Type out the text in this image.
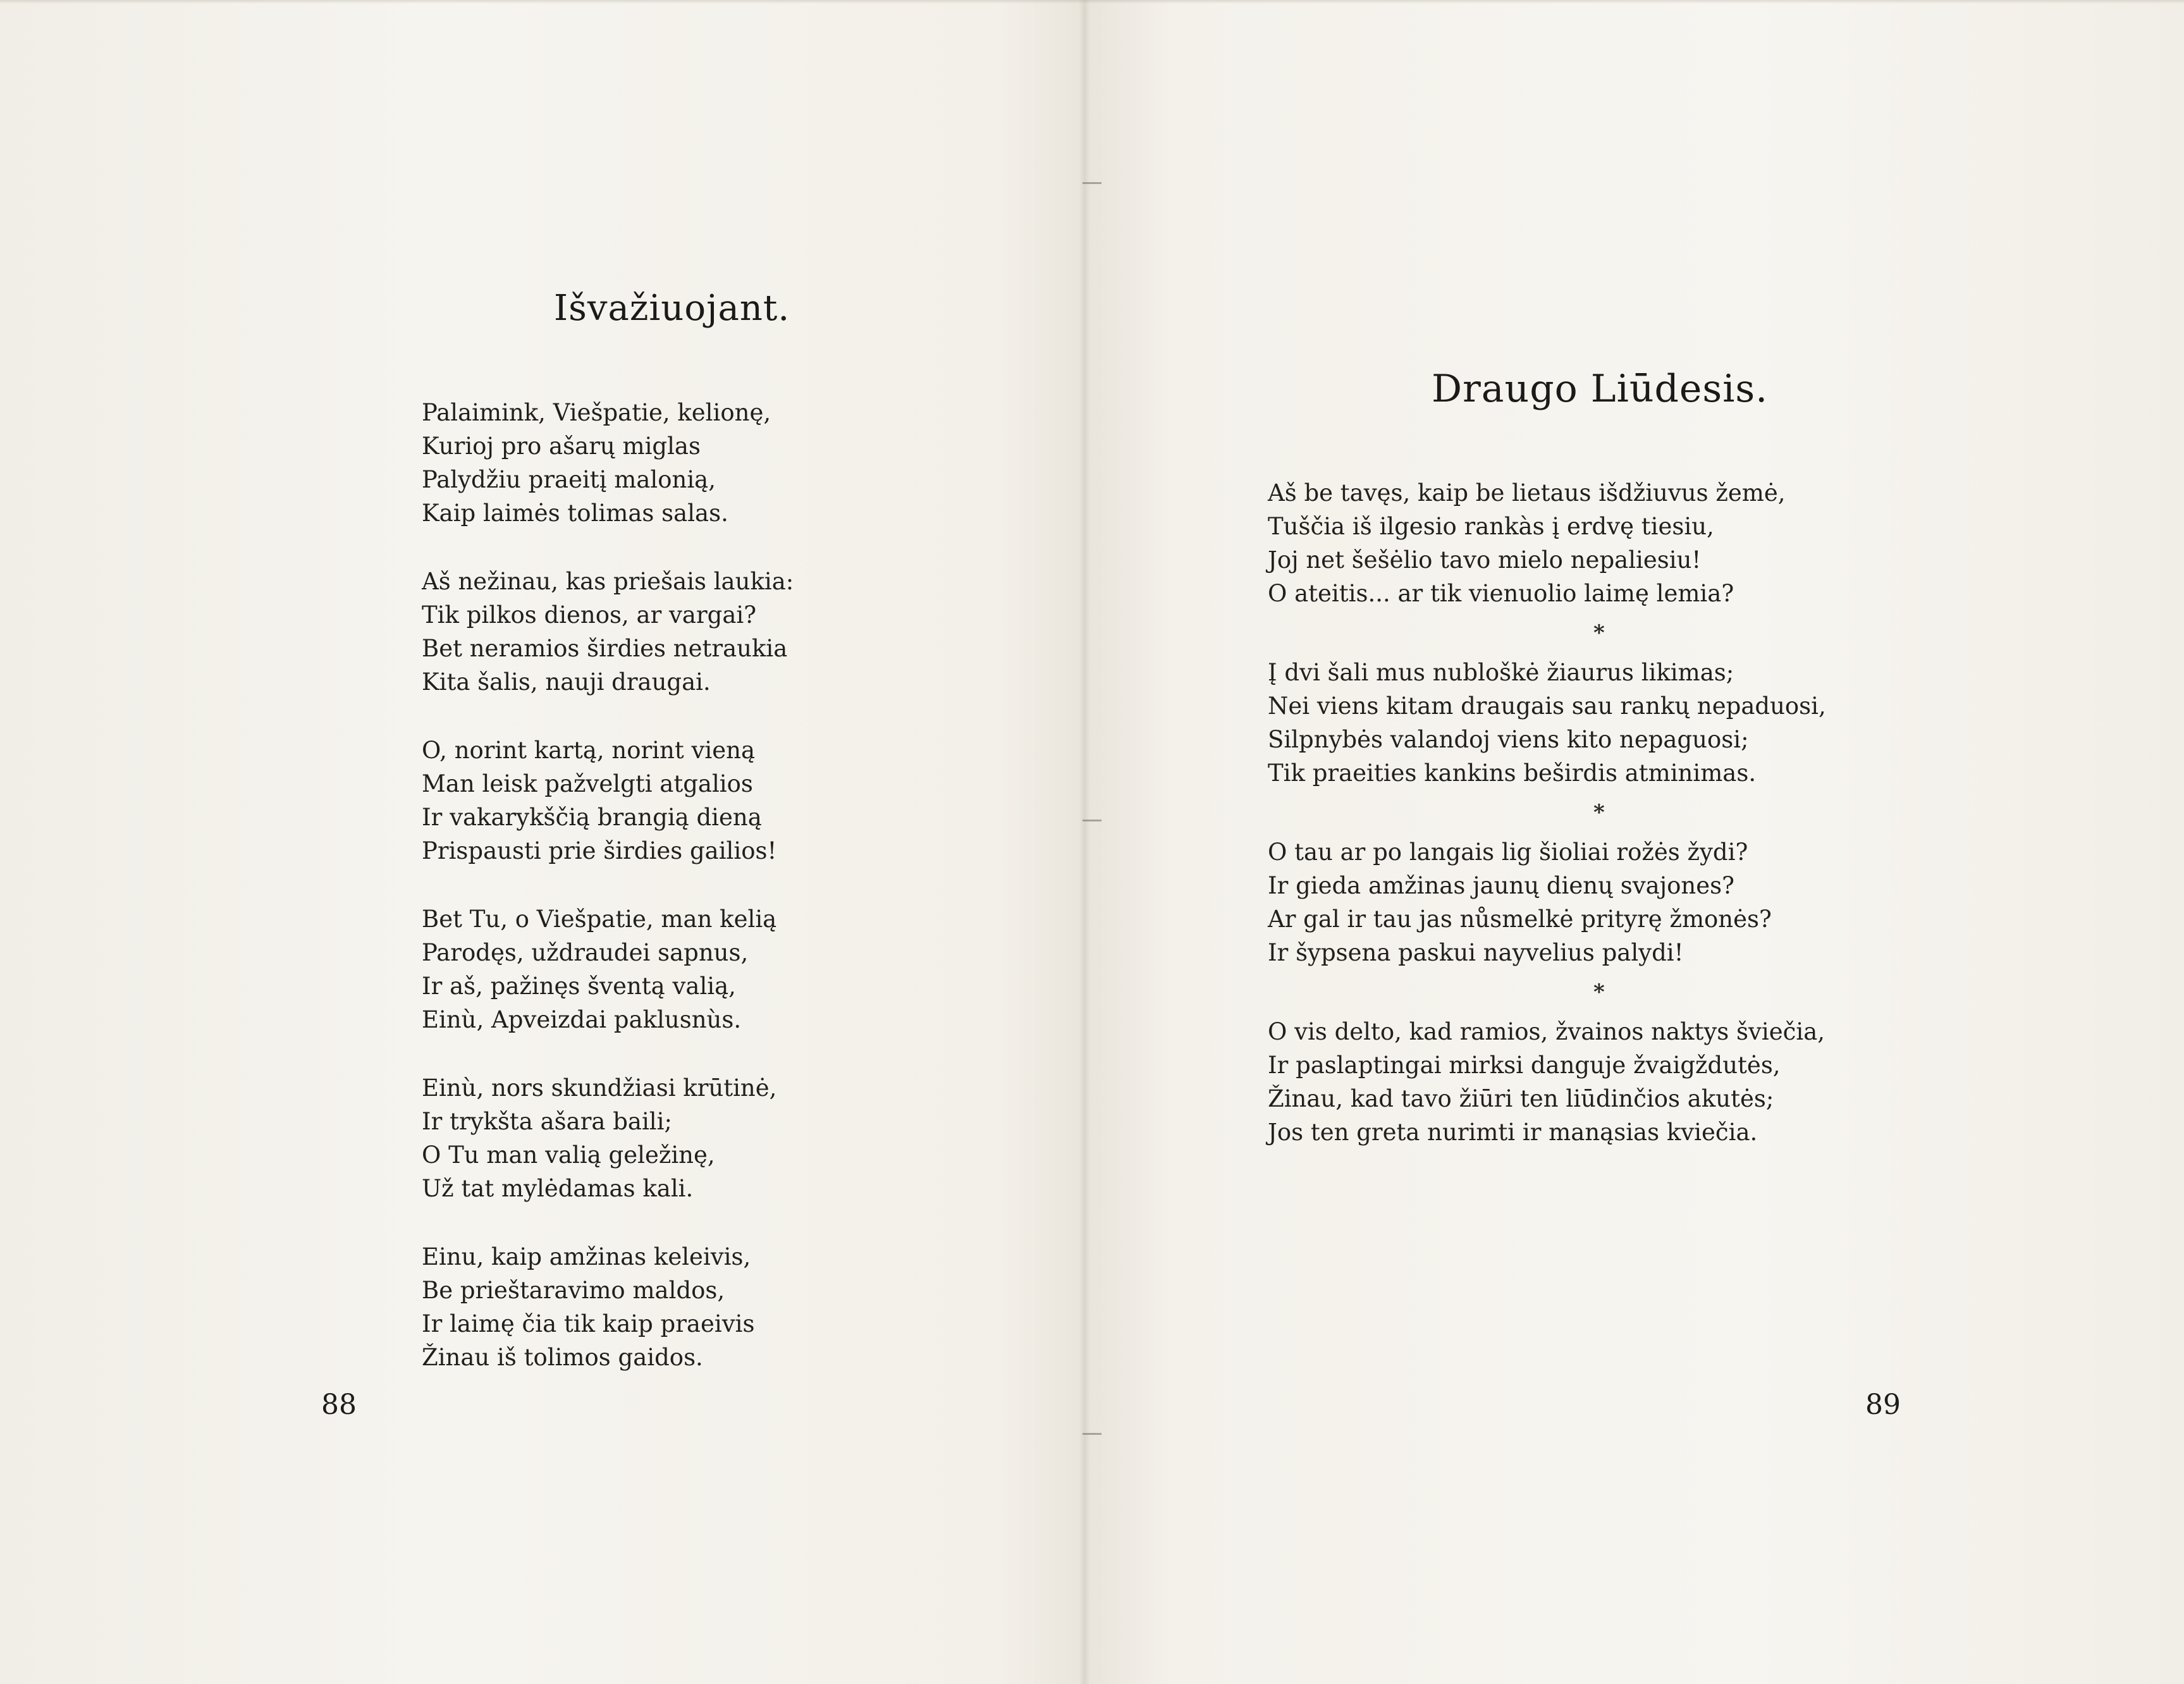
Išvažiuojant.
Palaimink, Viešpatie, kelionę,
Kurioj pro ašarų miglas
Palydžiu praeitį malonią,
Kaip laimės tolimas salas.
Aš nežinau, kas priešais laukia:
Tik pilkos dienos, ar vargai?
Bet neramios širdies netraukia
Kita šalis, nauji draugai.
O, norint kartą, norint vieną
Man leisk pažvelgti atgalios
Ir vakarykščią brangią dieną
Prispausti prie širdies gailios!
Bet Tu, o Viešpatie, man kelią
Parodęs, uždraudei sapnus,
Ir aš, pažinęs šventą valią,
Einù, Apveizdai paklusnùs.
Einù, nors skundžiasi krūtinė,
Ir trykšta ašara baili;
O Tu man valią geležinę,
Už tat mylėdamas kali.
Einu, kaip amžinas keleivis,
Be prieštaravimo maldos,
Ir laimę čia tik kaip praeivis
Žinau iš tolimos gaidos.
88
Draugo Liūdesis.
Aš be tavęs, kaip be lietaus išdžiuvus žemė,
Tuščia iš ilgesio rankàs į erdvę tiesiu,
Joj net šešėlio tavo mielo nepaliesiu!
O ateitis... ar tik vienuolio laimę lemia?
*
Į dvi šali mus nubloškė žiaurus likimas;
Nei viens kitam draugais sau rankų nepaduosi,
Silpnybės valandoj viens kito nepaguosi;
Tik praeities kankins beširdis atminimas.
*
O tau ar po langais lig šioliai rožės žydi?
Ir gieda amžinas jaunų dienų svajones?
Ar gal ir tau jas nůsmelkė prityrę žmonės?
Ir šypsena paskui nayvelius palydi!
*
O vis delto, kad ramios, žvainos naktys šviečia,
Ir paslaptingai mirksi danguje žvaigždutės,
Žinau, kad tavo žiūri ten liūdinčios akutės;
Jos ten greta nurimti ir manąsias kviečia.
89
